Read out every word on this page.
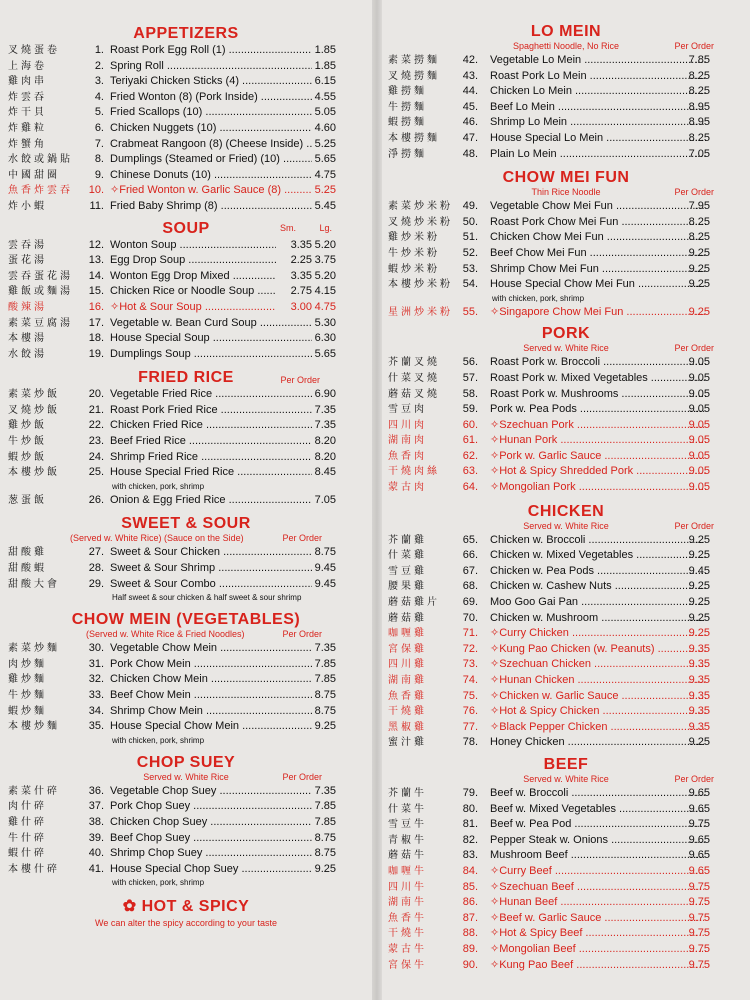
APPETIZERS
叉燒蛋卷	1. Roast Pork Egg Roll (1) .....	1.85
上海卷	2. Spring Roll .....	1.85
雞肉串	3. Teriyaki Chicken Sticks (4) .....	6.15
炸雲吞	4. Fried Wonton (8) (Pork Inside) .....	4.55
炸干貝	5. Fried Scallops (10) .....	5.05
炸雞粒	6. Chicken Nuggets (10) .....	4.60
炸蟹角	7. Crabmeat Rangoon (8) (Cheese Inside) .....	5.25
水餃或鍋貼	8. Dumplings (Steamed or Fried) (10) .....	5.65
中國甜圈	9. Chinese Donuts (10) .....	4.75
魚香炸雲吞	10.	✧ Fried Wonton w. Garlic Sauce (8) .....	5.25
炸小蝦	11. Fried Baby Shrimp (8) .....	5.45
SOUP	Sm.	Lg.
雲吞湯	12. Wonton Soup .....	3.35 5.20
蛋花湯	13. Egg Drop Soup .....	2.25 3.75
雲吞蛋花湯	14. Wonton Egg Drop Mixed .....	3.35 5.20
雞飯或麵湯	15. Chicken Rice or Noodle Soup .....	2.75 4.15
酸辣湯	16.	✧ Hot & Sour Soup .....	3.00 4.75
素菜豆腐湯	17. Vegetable w. Bean Curd Soup .....	5.30
本樓湯	18. House Special Soup .....	6.30
水餃湯	19. Dumplings Soup .....	5.65
FRIED RICE	Per Order
素菜炒飯	20. Vegetable Fried Rice .....	6.90
叉燒炒飯	21. Roast Pork Fried Rice .....	7.35
雞炒飯	22. Chicken Fried Rice .....	7.35
牛炒飯	23. Beef Fried Rice .....	8.20
蝦炒飯	24. Shrimp Fried Rice .....	8.20
本樓炒飯	25. House Special Fried Rice .....	8.45
with chicken, pork, shrimp
葱蛋飯	26. Onion & Egg Fried Rice .....	7.05
SWEET & SOUR
(Served w. White Rice) (Sauce on the Side)	Per Order
甜酸雞	27. Sweet & Sour Chicken .....	8.75
甜酸蝦	28. Sweet & Sour Shrimp .....	9.45
甜酸大會	29. Sweet & Sour Combo .....	9.45
Half sweet & sour chicken & half sweet & sour shrimp
CHOW MEIN (VEGETABLES)
(Served w. White Rice & Fried Noodles)	Per Order
素菜炒麵	30. Vegetable Chow Mein .....	7.35
肉炒麵	31. Pork Chow Mein .....	7.85
雞炒麵	32. Chicken Chow Mein .....	7.85
牛炒麵	33. Beef Chow Mein .....	8.75
蝦炒麵	34. Shrimp Chow Mein .....	8.75
本樓炒麵	35. House Special Chow Mein .....	9.25
with chicken, pork, shrimp
CHOP SUEY
Served w. White Rice	Per Order
素菜什碎	36. Vegetable Chop Suey .....	7.35
肉什碎	37. Pork Chop Suey .....	7.85
雞什碎	38. Chicken Chop Suey .....	7.85
牛什碎	39. Beef Chop Suey .....	8.75
蝦什碎	40. Shrimp Chop Suey .....	8.75
本樓什碎	41. House Special Chop Suey .....	9.25
with chicken, pork, shrimp
✿ HOT & SPICY
We can alter the spicy according to your taste
LO MEIN
Spaghetti Noodle, No Rice	Per Order
素菜撈麵	42. Vegetable Lo Mein .....	7.85
叉燒撈麵	43. Roast Pork Lo Mein .....	8.25
雞撈麵	44. Chicken Lo Mein .....	8.25
牛撈麵	45. Beef Lo Mein .....	8.95
蝦撈麵	46. Shrimp Lo Mein .....	8.95
本樓撈麵	47. House Special Lo Mein .....	8.25
淨撈麵	48. Plain Lo Mein .....	7.05
CHOW MEI FUN
Thin Rice Noodle	Per Order
素菜炒米粉 49. Vegetable Chow Mei Fun .....	7.95
叉燒炒米粉 50. Roast Pork Chow Mei Fun .....	8.25
雞炒米粉	51. Chicken Chow Mei Fun .....	8.25
牛炒米粉	52. Beef Chow Mei Fun .....	9.25
蝦炒米粉	53. Shrimp Chow Mei Fun .....	9.25
本樓炒米粉 54. House Special Chow Mei Fun .....	9.25
with chicken, pork, shrimp
星洲炒米粉 55.	✧ Singapore Chow Mei Fun .....	9.25
PORK
Served w. White Rice	Per Order
芥蘭叉燒	56. Roast Pork w. Broccoli .....	9.05
什菜叉燒	57. Roast Pork w. Mixed Vegetables .....	9.05
蘑菇叉燒	58. Roast Pork w. Mushrooms .....	9.05
雪豆肉	59. Pork w. Pea Pods .....	9.05
四川肉	60.	✧ Szechuan Pork .....	9.05
湖南肉	61.	✧ Hunan Pork .....	9.05
魚香肉	62.	✧ Pork w. Garlic Sauce .....	9.05
干燒肉絲	63.	✧ Hot & Spicy Shredded Pork .....	9.05
蒙古肉	64.	✧ Mongolian Pork .....	9.05
CHICKEN
Served w. White Rice	Per Order
芥蘭雞	65. Chicken w. Broccoli .....	9.25
什菜雞	66. Chicken w. Mixed Vegetables .....	9.25
雪豆雞	67. Chicken w. Pea Pods .....	9.45
腰果雞	68. Chicken w. Cashew Nuts .....	9.25
蘑菇雞片	69. Moo Goo Gai Pan .....	9.25
蘑菇雞	70. Chicken w. Mushroom .....	9.25
咖喱雞	71.	✧ Curry Chicken .....	9.25
宮保雞	72.	✧ Kung Pao Chicken (w. Peanuts) .....	9.35
四川雞	73.	✧ Szechuan Chicken .....	9.35
湖南雞	74.	✧ Hunan Chicken .....	9.35
魚香雞	75.	✧ Chicken w. Garlic Sauce .....	9.35
干燒雞	76.	✧ Hot & Spicy Chicken .....	9.35
黑椒雞	77.	✧ Black Pepper Chicken .....	9.35
蜜汁雞	78. Honey Chicken .....	9.25
BEEF
Served w. White Rice	Per Order
芥蘭牛	79. Beef w. Broccoli .....	9.65
什菜牛	80. Beef w. Mixed Vegetables .....	9.65
雪豆牛	81. Beef w. Pea Pod .....	9.75
青椒牛	82. Pepper Steak w. Onions .....	9.65
蘑菇牛	83. Mushroom Beef .....	9.65
咖喱牛	84.	✧ Curry Beef .....	9.65
四川牛	85.	✧ Szechuan Beef .....	9.75
湖南牛	86.	✧ Hunan Beef .....	9.75
魚香牛	87.	✧ Beef w. Garlic Sauce .....	9.75
干燒牛	88.	✧ Hot & Spicy Beef .....	9.75
蒙古牛	89.	✧ Mongolian Beef .....	9.75
宮保牛	90.	✧ Kung Pao Beef .....	9.75
